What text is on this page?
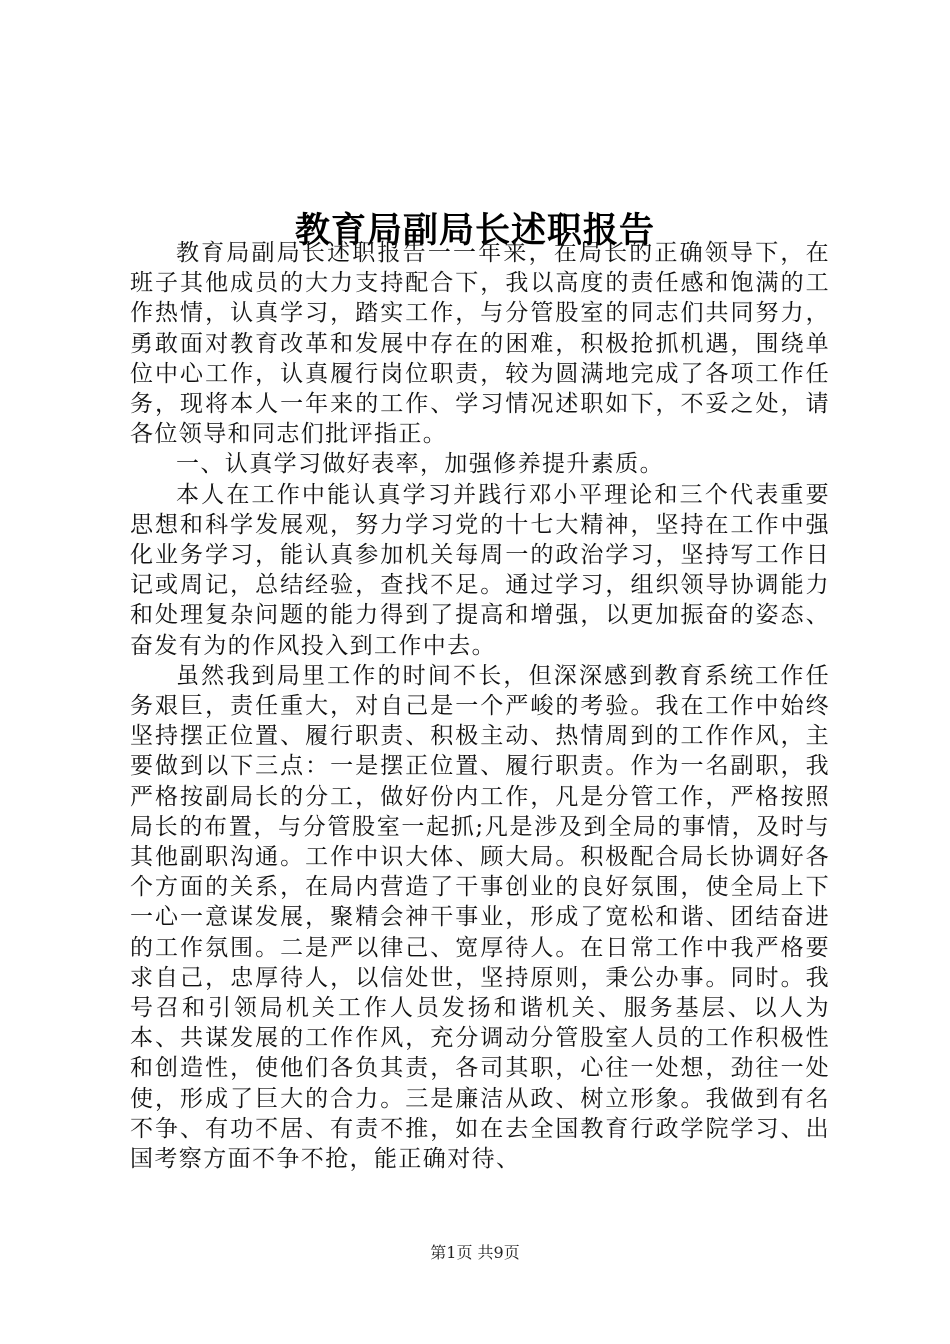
教育局副局长述职报告

教育局副局长述职报告一一年来，在局长的正确领导下，在班子其他成员的大力支持配合下，我以高度的责任感和饱满的工作热情，认真学习，踏实工作，与分管股室的同志们共同努力，勇敢面对教育改革和发展中存在的困难，积极抢抓机遇，围绕单位中心工作，认真履行岗位职责，较为圆满地完成了各项工作任务，现将本人一年来的工作、学习情况述职如下，不妥之处，请各位领导和同志们批评指正。

一、认真学习做好表率，加强修养提升素质。

本人在工作中能认真学习并践行邓小平理论和三个代表重要思想和科学发展观，努力学习党的十七大精神，坚持在工作中强化业务学习，能认真参加机关每周一的政治学习，坚持写工作日记或周记，总结经验，查找不足。通过学习，组织领导协调能力和处理复杂问题的能力得到了提高和增强，以更加振奋的姿态、奋发有为的作风投入到工作中去。

虽然我到局里工作的时间不长，但深深感到教育系统工作任务艰巨，责任重大，对自己是一个严峻的考验。我在工作中始终坚持摆正位置、履行职责、积极主动、热情周到的工作作风，主要做到以下三点：一是摆正位置、履行职责。作为一名副职，我严格按副局长的分工，做好份内工作，凡是分管工作，严格按照局长的布置，与分管股室一起抓;凡是涉及到全局的事情，及时与其他副职沟通。工作中识大体、顾大局。积极配合局长协调好各个方面的关系，在局内营造了干事创业的良好氛围，使全局上下一心一意谋发展，聚精会神干事业，形成了宽松和谐、团结奋进的工作氛围。二是严以律己、宽厚待人。在日常工作中我严格要求自己，忠厚待人，以信处世，坚持原则，秉公办事。同时。我号召和引领局机关工作人员发扬和谐机关、服务基层、以人为本、共谋发展的工作作风，充分调动分管股室人员的工作积极性和创造性，使他们各负其责，各司其职，心往一处想，劲往一处使，形成了巨大的合力。三是廉洁从政、树立形象。我做到有名不争、有功不居、有责不推，如在去全国教育行政学院学习、出国考察方面不争不抢，能正确对待、

第1页 共9页
